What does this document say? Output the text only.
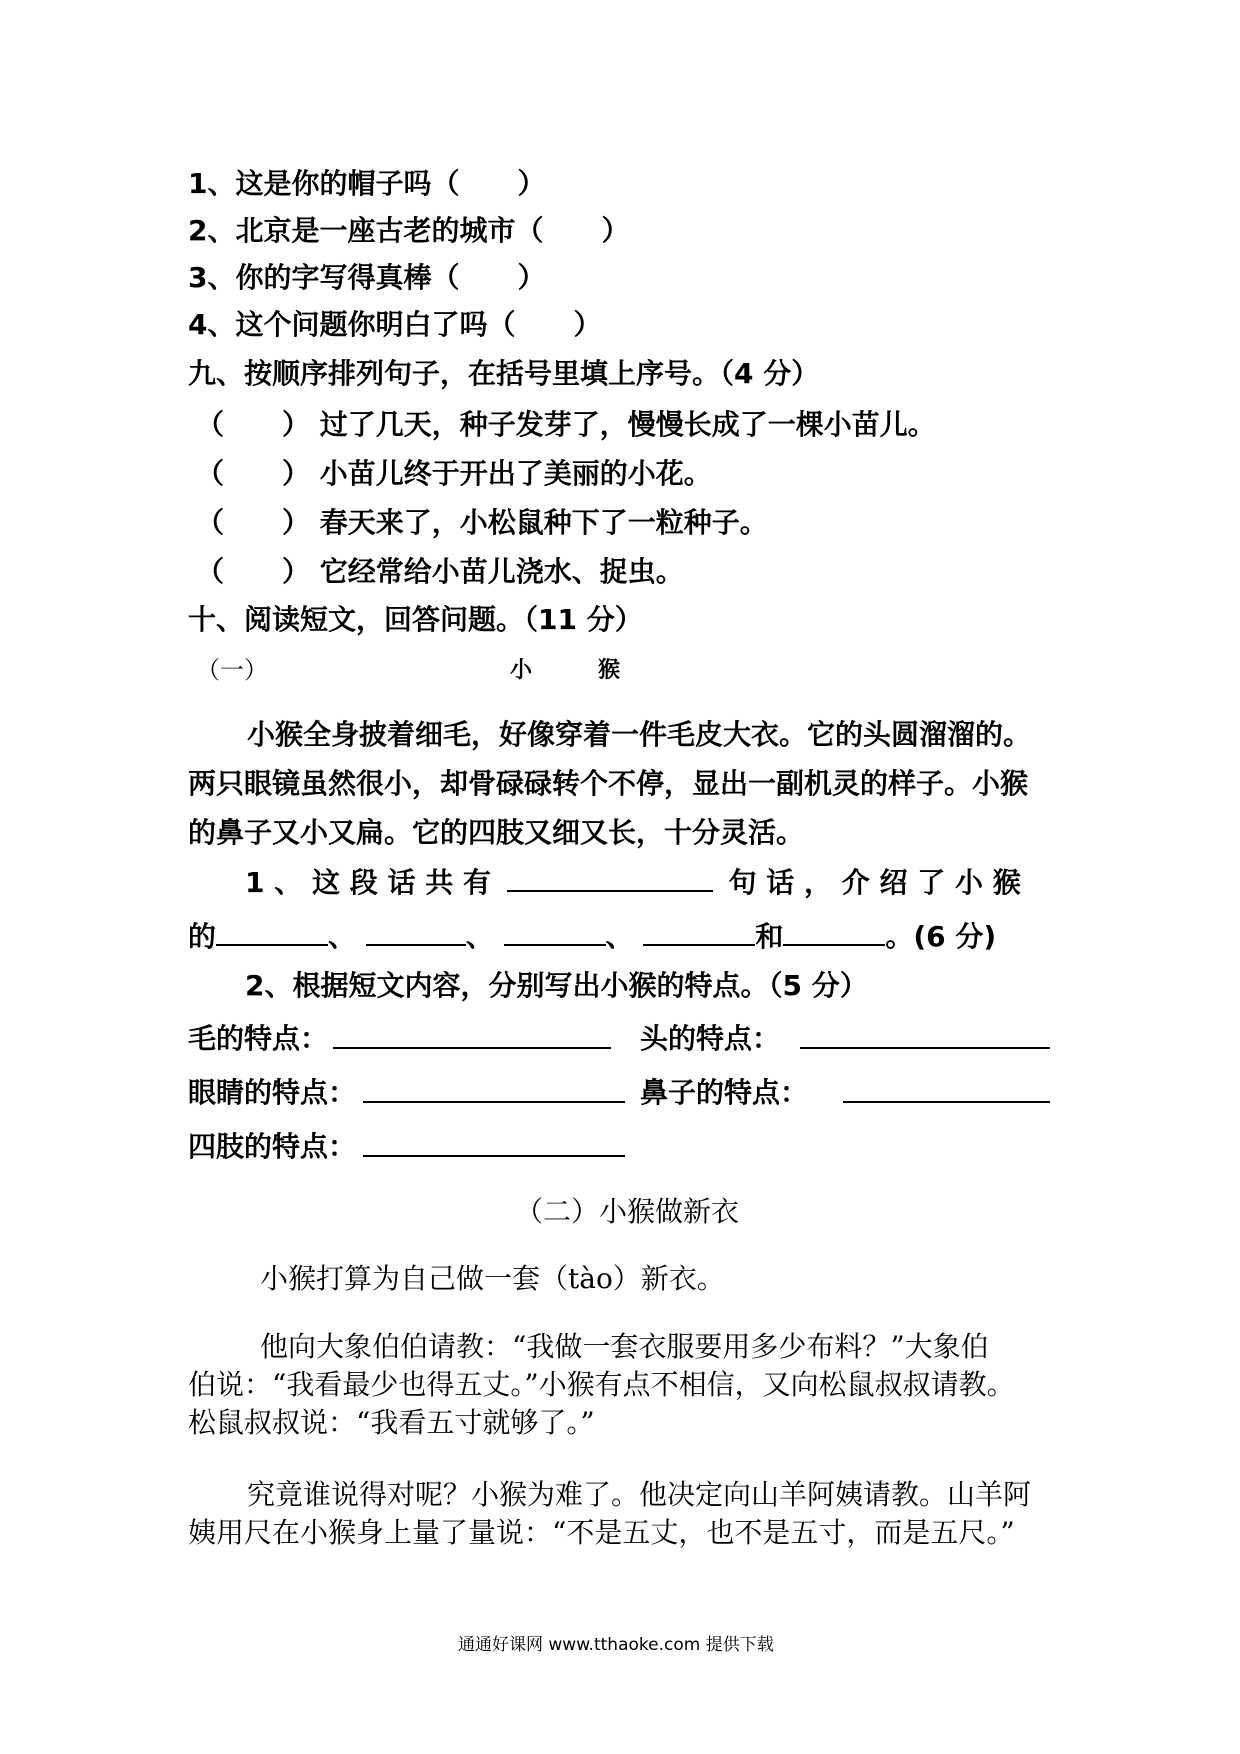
1、这是你的帽子吗（ ）
2、北京是一座古老的城市（ ）
3、你的字写得真棒（ ）
4、这个问题你明白了吗（ ）
九、按顺序排列句子，在括号里填上序号。（4 分）
（ ） 过了几天，种子发芽了，慢慢长成了一棵小苗儿。
（ ） 小苗儿终于开出了美丽的小花。
（ ） 春天来了，小松鼠种下了一粒种子。
（ ） 它经常给小苗儿浇水、捉虫。
十、阅读短文，回答问题。（11 分）
（一）	小	猴
小猴全身披着细毛，好像穿着一件毛皮大衣。它的头圆溜溜的。
两只眼镜虽然很小，却骨碌碌转个不停，显出一副机灵的样子。小猴
的鼻子又小又扁。它的四肢又细又长，十分灵活。
1 、 这 段 话 共 有	句 话 ， 介 绍 了 小 猴
的	、	、	、	和	。(6 分)
2、根据短文内容，分别写出小猴的特点。（5 分）
毛的特点：	头的特点：
眼睛的特点：	鼻子的特点：
四肢的特点：
（二）小猴做新衣
小猴打算为自己做一套（tào）新衣。
他向大象伯伯请教：“我做一套衣服要用多少布料？”大象伯
伯说：“我看最少也得五丈。”小猴有点不相信，又向松鼠叔叔请教。
松鼠叔叔说：“我看五寸就够了。”
究竟谁说得对呢？小猴为难了。他决定向山羊阿姨请教。山羊阿
姨用尺在小猴身上量了量说：“不是五丈，也不是五寸，而是五尺。”
通通好课网 www.tthaoke.com 提供下载
